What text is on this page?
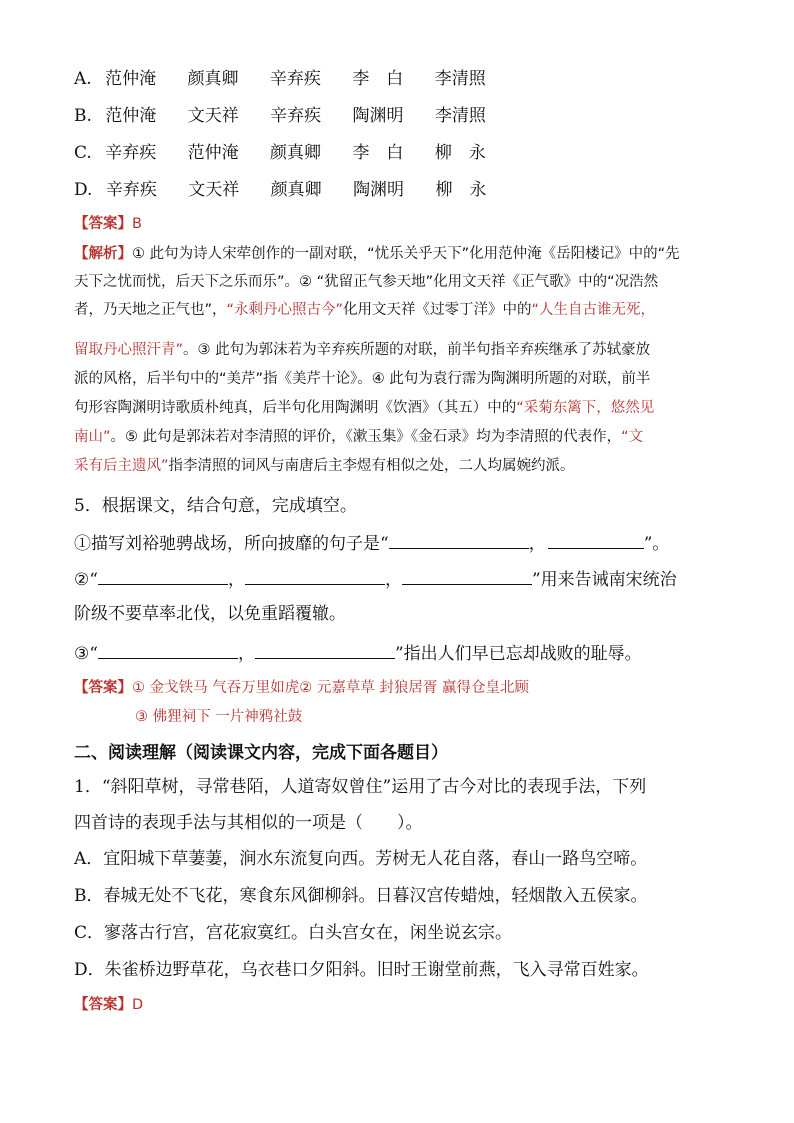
A. 范仲淹 颜真卿 辛弃疾 李　白 李清照
B. 范仲淹 文天祥 辛弃疾 陶渊明 李清照
C. 辛弃疾 范仲淹 颜真卿 李　白 柳　永
D. 辛弃疾 文天祥 颜真卿 陶渊明 柳　永
【答案】B
【解析】① 此句为诗人宋荦创作的一副对联，“忧乐关乎天下”化用范仲淹《岳阳楼记》中的“先
天下之忧而忧，后天下之乐而乐”。② “犹留正气参天地”化用文天祥《正气歌》中的“况浩然
者，乃天地之正气也”，“永剩丹心照古今”化用文天祥《过零丁洋》中的“人生自古谁无死，
留取丹心照汗青”。③ 此句为郭沫若为辛弃疾所题的对联，前半句指辛弃疾继承了苏轼豪放
派的风格，后半句中的“美芹”指《美芹十论》。④ 此句为袁行霈为陶渊明所题的对联，前半
句形容陶渊明诗歌质朴纯真，后半句化用陶渊明《饮酒》（其五）中的“采菊东篱下，悠然见
南山”。⑤ 此句是郭沫若对李清照的评价，《漱玉集》《金石录》均为李清照的代表作，“文
采有后主遗风”指李清照的词风与南唐后主李煜有相似之处，二人均属婉约派。
5．根据课文，结合句意，完成填空。
①描写刘裕驰骋战场，所向披靡的句子是“	，	”。
②“	，	，	”用来告诫南宋统治
阶级不要草率北伐，以免重蹈覆辙。
③“	，	”指出人们早已忘却战败的耻辱。
【答案】① 金戈铁马 气吞万里如虎② 元嘉草草 封狼居胥 赢得仓皇北顾
③ 佛狸祠下 一片神鸦社鼓
二、阅读理解（阅读课文内容，完成下面各题目）
1．“斜阳草树，寻常巷陌，人道寄奴曾住”运用了古今对比的表现手法，下列
四首诗的表现手法与其相似的一项是（　　）。
A．宜阳城下草萋萋，涧水东流复向西。芳树无人花自落，春山一路鸟空啼。
B．春城无处不飞花，寒食东风御柳斜。日暮汉宫传蜡烛，轻烟散入五侯家。
C．寥落古行宫，宫花寂寞红。白头宫女在，闲坐说玄宗。
D．朱雀桥边野草花，乌衣巷口夕阳斜。旧时王谢堂前燕，飞入寻常百姓家。
【答案】D
